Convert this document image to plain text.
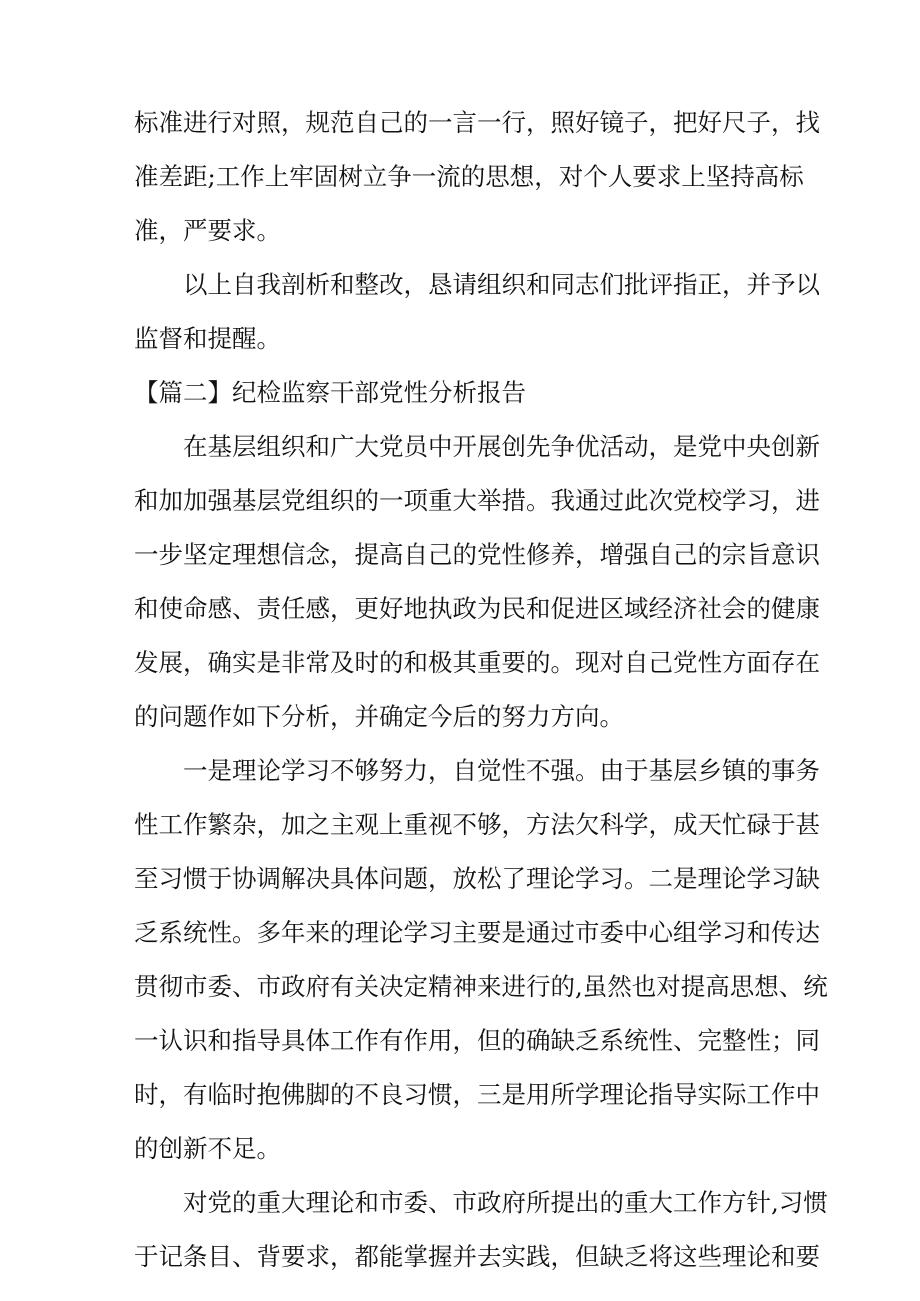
标准进行对照，规范自己的一言一行，照好镜子，把好尺子，找
准差距;工作上牢固树立争一流的思想，对个人要求上坚持高标
准，严要求。
以上自我剖析和整改，恳请组织和同志们批评指正，并予以
监督和提醒。
【篇二】纪检监察干部党性分析报告
在基层组织和广大党员中开展创先争优活动，是党中央创新
和加加强基层党组织的一项重大举措。我通过此次党校学习，进
一步坚定理想信念，提高自己的党性修养，增强自己的宗旨意识
和使命感、责任感，更好地执政为民和促进区域经济社会的健康
发展，确实是非常及时的和极其重要的。现对自己党性方面存在
的问题作如下分析，并确定今后的努力方向。
一是理论学习不够努力，自觉性不强。由于基层乡镇的事务
性工作繁杂，加之主观上重视不够，方法欠科学，成天忙碌于甚
至习惯于协调解决具体问题，放松了理论学习。二是理论学习缺
乏系统性。多年来的理论学习主要是通过市委中心组学习和传达
贯彻市委、市政府有关决定精神来进行的,虽然也对提高思想、统
一认识和指导具体工作有作用，但的确缺乏系统性、完整性；同
时，有临时抱佛脚的不良习惯，三是用所学理论指导实际工作中
的创新不足。
对党的重大理论和市委、市政府所提出的重大工作方针,习惯
于记条目、背要求，都能掌握并去实践，但缺乏将这些理论和要
